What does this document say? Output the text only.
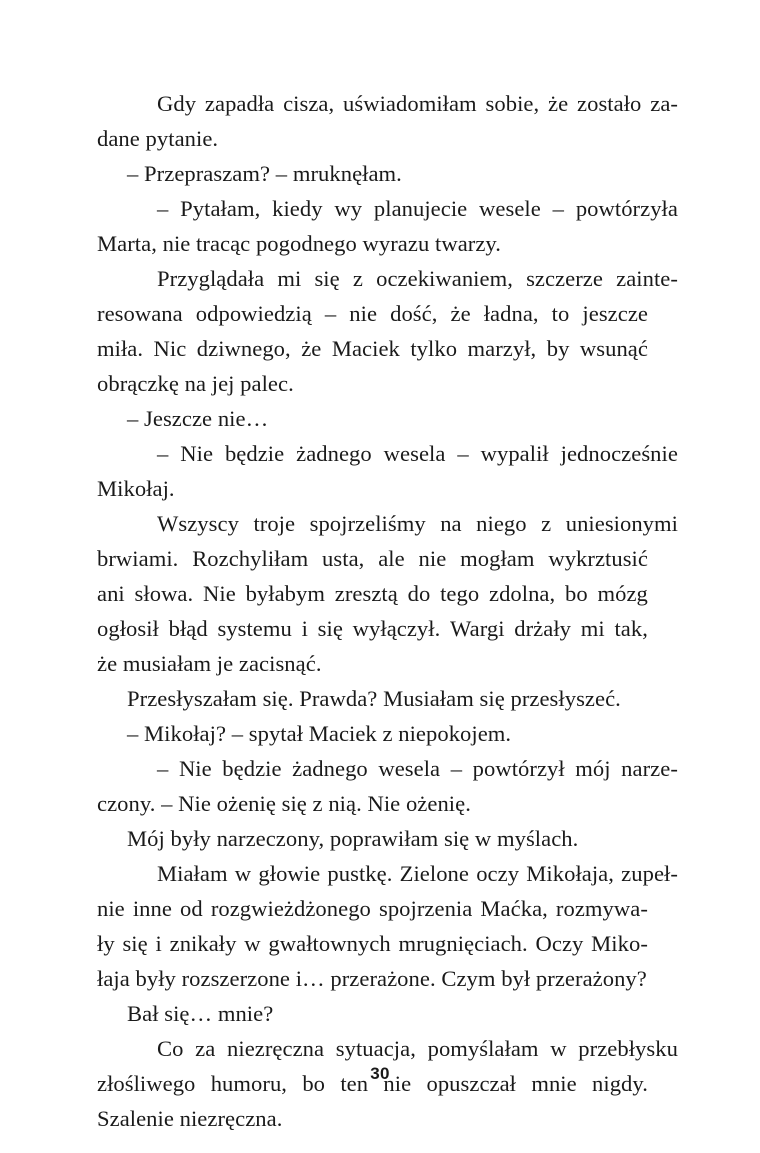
Gdy zapadła cisza, uświadomiłam sobie, że zostało za-
dane pytanie.
– Przepraszam? – mruknęłam.
– Pytałam, kiedy wy planujecie wesele – powtórzyła
Marta, nie tracąc pogodnego wyrazu twarzy.
Przyglądała mi się z oczekiwaniem, szczerze zainte-
resowana odpowiedzią – nie dość, że ładna, to jeszcze
miła. Nic dziwnego, że Maciek tylko marzył, by wsunąć
obrączkę na jej palec.
– Jeszcze nie…
– Nie będzie żadnego wesela – wypalił jednocześnie
Mikołaj.
Wszyscy troje spojrzeliśmy na niego z uniesionymi
brwiami. Rozchyliłam usta, ale nie mogłam wykrztusić
ani słowa. Nie byłabym zresztą do tego zdolna, bo mózg
ogłosił błąd systemu i się wyłączył. Wargi drżały mi tak,
że musiałam je zacisnąć.
Przesłyszałam się. Prawda? Musiałam się przesłyszeć.
– Mikołaj? – spytał Maciek z niepokojem.
– Nie będzie żadnego wesela – powtórzył mój narze-
czony. – Nie ożenię się z nią. Nie ożenię.
Mój były narzeczony, poprawiłam się w myślach.
Miałam w głowie pustkę. Zielone oczy Mikołaja, zupeł-
nie inne od rozgwieżdżonego spojrzenia Maćka, rozmywa-
ły się i znikały w gwałtownych mrugnięciach. Oczy Miko-
łaja były rozszerzone i… przerażone. Czym był przerażony?
Bał się… mnie?
Co za niezręczna sytuacja, pomyślałam w przebłysku
złośliwego humoru, bo ten nie opuszczał mnie nigdy.
Szalenie niezręczna.
30
